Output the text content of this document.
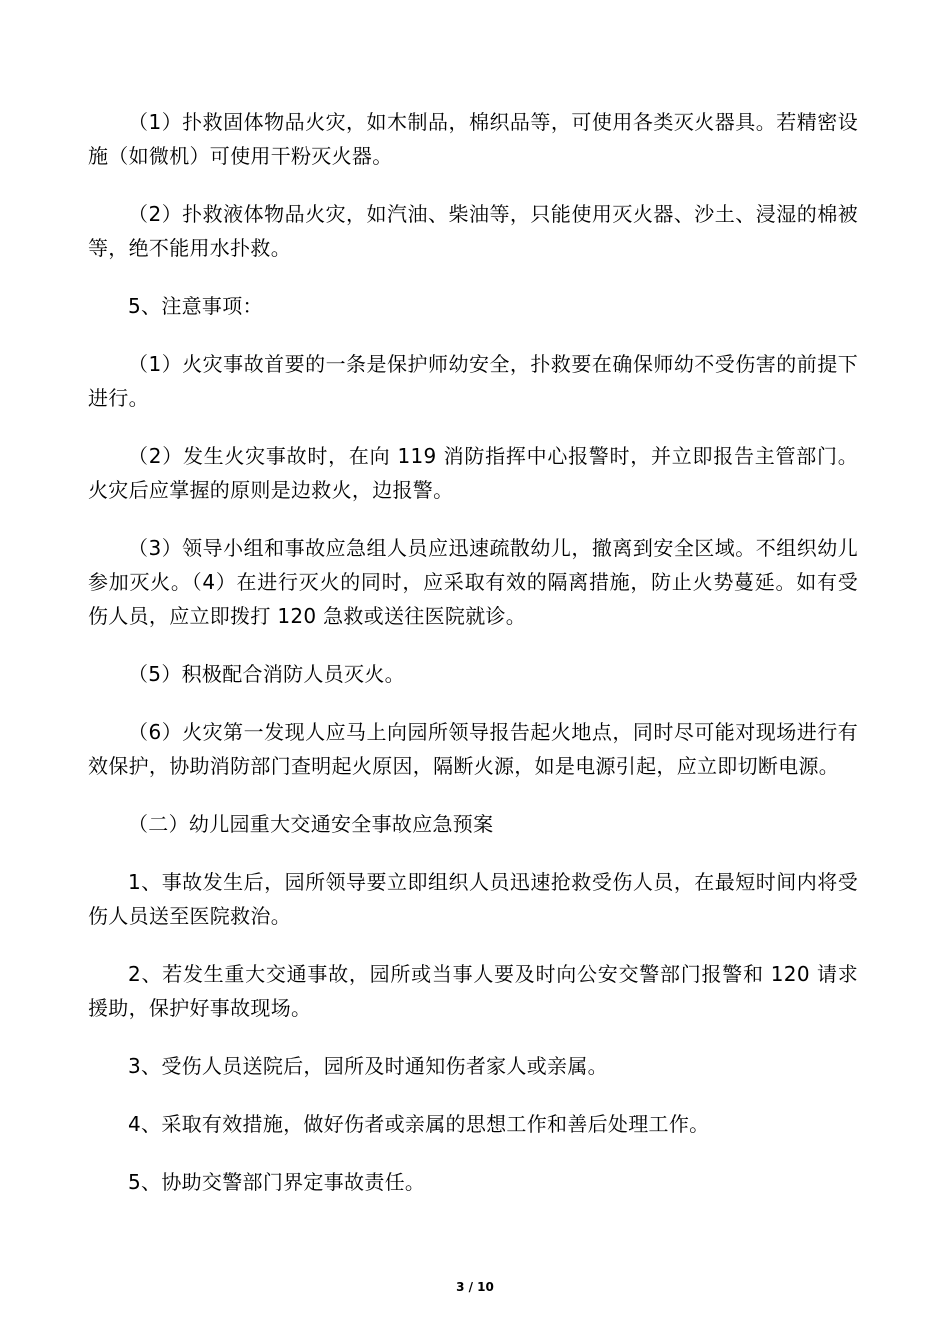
（1）扑救固体物品火灾，如木制品，棉织品等，可使用各类灭火器具。若精密设施（如微机）可使用干粉灭火器。

（2）扑救液体物品火灾，如汽油、柴油等，只能使用灭火器、沙土、浸湿的棉被等，绝不能用水扑救。

5、注意事项：

（1）火灾事故首要的一条是保护师幼安全，扑救要在确保师幼不受伤害的前提下进行。

（2）发生火灾事故时，在向 119 消防指挥中心报警时，并立即报告主管部门。火灾后应掌握的原则是边救火，边报警。

（3）领导小组和事故应急组人员应迅速疏散幼儿，撤离到安全区域。不组织幼儿参加灭火。（4）在进行灭火的同时，应采取有效的隔离措施，防止火势蔓延。如有受伤人员，应立即拨打 120 急救或送往医院就诊。

（5）积极配合消防人员灭火。

（6）火灾第一发现人应马上向园所领导报告起火地点，同时尽可能对现场进行有效保护，协助消防部门查明起火原因，隔断火源，如是电源引起，应立即切断电源。

（二）幼儿园重大交通安全事故应急预案

1、事故发生后，园所领导要立即组织人员迅速抢救受伤人员，在最短时间内将受伤人员送至医院救治。

2、若发生重大交通事故，园所或当事人要及时向公安交警部门报警和 120 请求援助，保护好事故现场。

3、受伤人员送院后，园所及时通知伤者家人或亲属。

4、采取有效措施，做好伤者或亲属的思想工作和善后处理工作。

5、协助交警部门界定事故责任。

3 / 10
